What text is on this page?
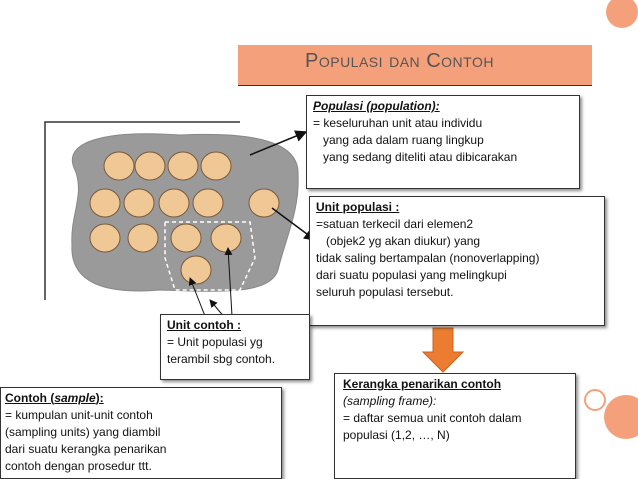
Populasi dan Contoh
Populasi (population):
= keseluruhan unit atau individu
yang ada dalam ruang lingkup
yang sedang diteliti atau dibicarakan
Unit populasi :
=satuan terkecil dari elemen2
(objek2 yg akan diukur) yang
tidak saling bertampalan (nonoverlapping)
dari suatu populasi yang melingkupi
seluruh populasi tersebut.
Unit contoh :
= Unit populasi yg
terambil sbg contoh.
Contoh (sample):
= kumpulan unit-unit contoh
(sampling units) yang diambil
dari suatu kerangka penarikan
contoh dengan prosedur ttt.
Kerangka penarikan contoh
(sampling frame):
= daftar semua unit contoh dalam
populasi (1,2, …, N)
